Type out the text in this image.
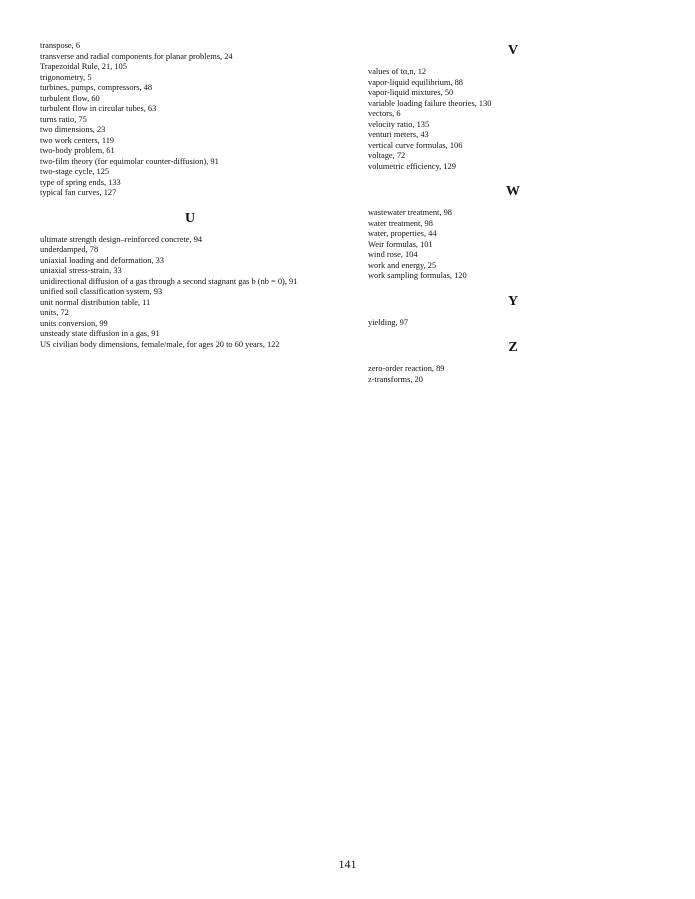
transpose, 6
transverse and radial components for planar problems, 24
Trapezoidal Rule, 21, 105
trigonometry, 5
turbines, pumps, compressors, 48
turbulent flow, 60
turbulent flow in circular tubes, 63
turns ratio, 75
two dimensions, 23
two work centers, 119
two-body problem, 61
two-film theory (for equimolar counter-diffusion), 91
two-stage cycle, 125
type of spring ends, 133
typical fan curves, 127
U
ultimate strength design–reinforced concrete, 94
underdamped, 78
uniaxial loading and deformation, 33
uniaxial stress-strain, 33
unidirectional diffusion of a gas through a second stagnant gas b (nb = 0), 91
unified soil classification system, 93
unit normal distribution table, 11
units, 72
units conversion, 99
unsteady state diffusion in a gas, 91
US civilian body dimensions, female/male, for ages 20 to 60 years, 122
V
values of tα,n, 12
vapor-liquid equilibrium, 88
vapor-liquid mixtures, 50
variable loading failure theories, 130
vectors, 6
velocity ratio, 135
venturi meters, 43
vertical curve formulas, 106
voltage, 72
volumetric efficiency, 129
W
wastewater treatment, 98
water treatment, 98
water, properties, 44
Weir formulas, 101
wind rose, 104
work and energy, 25
work sampling formulas, 120
Y
yielding, 97
Z
zero-order reaction, 89
z-transforms, 20
141
